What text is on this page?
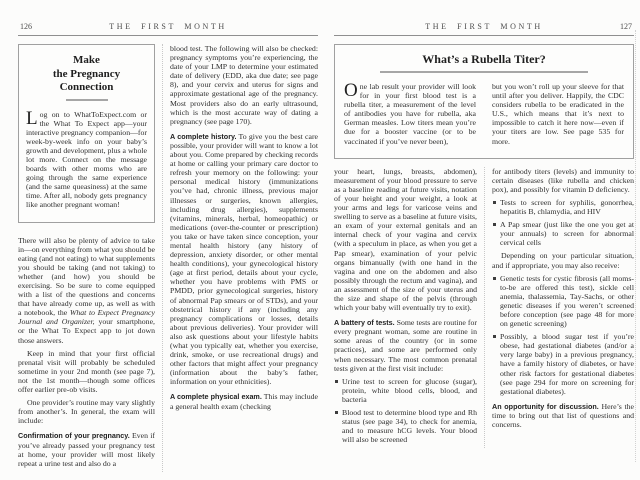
126	THE FIRST MONTH
Make
the Pregnancy
Connection
Log on to WhatToExpect.com or the What To Expect app—your interactive pregnancy companion—for week-by-week info on your baby’s growth and development, plus a whole lot more. Connect on the message boards with other moms who are going through the same experience (and the same queasiness) at the same time. After all, nobody gets pregnancy like another pregnant woman!

There will also be plenty of advice to take in—on everything from what you should be eating (and not eating) to what supplements you should be taking (and not taking) to whether (and how) you should be exercising. So be sure to come equipped with a list of the questions and concerns that have already come up, as well as with a notebook, the What to Expect Pregnancy Journal and Organizer, your smartphone, or the What To Expect app to jot down those answers.

Keep in mind that your first official prenatal visit will probably be scheduled sometime in your 2nd month (see page 7), not the 1st month—though some offices offer earlier pre-ob visits.

One provider’s routine may vary slightly from another’s. In general, the exam will include:

Confirmation of your pregnancy. Even if you’ve already passed your pregnancy test at home, your provider will most likely repeat a urine test and also do a

blood test. The following will also be checked: pregnancy symptoms you’re experiencing, the date of your LMP to determine your estimated date of delivery (EDD, aka due date; see page 8), and your cervix and uterus for signs and approximate gestational age of the pregnancy. Most providers also do an early ultrasound, which is the most accurate way of dating a pregnancy (see page 170).

A complete history. To give you the best care possible, your provider will want to know a lot about you. Come prepared by checking records at home or calling your primary care doctor to refresh your memory on the following: your personal medical history (immunizations you’ve had, chronic illness, previous major illnesses or surgeries, known allergies, including drug allergies), supplements (vitamins, minerals, herbal, homeopathic) or medications (over-the-counter or prescription) you take or have taken since conception, your mental health history (any history of depression, anxiety disorder, or other mental health conditions), your gynecological history (age at first period, details about your cycle, whether you have problems with PMS or PMDD, prior gynecological surgeries, history of abnormal Pap smears or of STDs), and your obstetrical history if any (including any pregnancy complications or losses, details about previous deliveries). Your provider will also ask questions about your lifestyle habits (what you typically eat, whether you exercise, drink, smoke, or use recreational drugs) and other factors that might affect your pregnancy (information about the baby’s father, information on your ethnicities).

A complete physical exam. This may include a general health exam (checking

THE FIRST MONTH	127
What’s a Rubella Titer?
One lab result your provider will look for in your first blood test is a rubella titer, a measurement of the level of antibodies you have for rubella, aka German measles. Low titers mean you’re due for a booster vaccine (or to be vaccinated if you’ve never been),
but you won’t roll up your sleeve for that until after you deliver. Happily, the CDC considers rubella to be eradicated in the U.S., which means that it’s next to impossible to catch it here now—even if your titers are low. See page 535 for more.

your heart, lungs, breasts, abdomen), measurement of your blood pressure to serve as a baseline reading at future visits, notation of your height and your weight, a look at your arms and legs for varicose veins and swelling to serve as a baseline at future visits, an exam of your external genitals and an internal check of your vagina and cervix (with a speculum in place, as when you get a Pap smear), examination of your pelvic organs bimanually (with one hand in the vagina and one on the abdomen and also possibly through the rectum and vagina), and an assessment of the size of your uterus and the size and shape of the pelvis (through which your baby will eventually try to exit).

A battery of tests. Some tests are routine for every pregnant woman, some are routine in some areas of the country (or in some practices), and some are performed only when necessary. The most common prenatal tests given at the first visit include:

Urine test to screen for glucose (sugar), protein, white blood cells, blood, and bacteria
Blood test to determine blood type and Rh status (see page 34), to check for anemia, and to measure hCG levels. Your blood will also be screened

for antibody titers (levels) and immunity to certain diseases (like rubella and chicken pox), and possibly for vitamin D deficiency.

Tests to screen for syphilis, gonorrhea, hepatitis B, chlamydia, and HIV
A Pap smear (just like the one you get at your annuals) to screen for abnormal cervical cells

Depending on your particular situation, and if appropriate, you may also receive:

Genetic tests for cystic fibrosis (all moms-to-be are offered this test), sickle cell anemia, thalassemia, Tay-Sachs, or other genetic diseases if you weren’t screened before conception (see page 48 for more on genetic screening)
Possibly, a blood sugar test if you’re obese, had gestational diabetes (and/or a very large baby) in a previous pregnancy, have a family history of diabetes, or have other risk factors for gestational diabetes (see page 294 for more on screening for gestational diabetes).

An opportunity for discussion. Here’s the time to bring out that list of questions and concerns.
